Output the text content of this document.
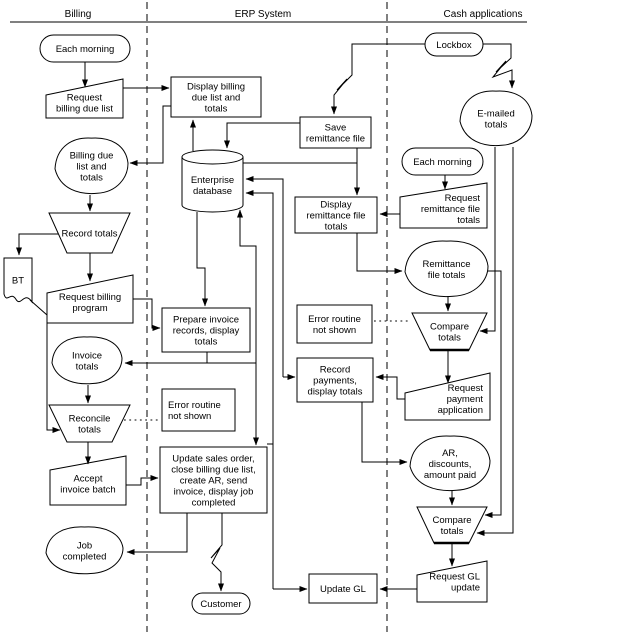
Billing	ERP System	Cash applications
Each morning
Request
billing due list
Billing due
list and
totals
Record totals
BT
Request billing
program
Invoice
totals
Reconcile
totals
Accept
invoice batch
Job
completed
Display billing
due list and
totals
Save
remittance file
Enterprise
database
Display
remittance file
totals
Prepare invoice
records, display
totals
Error routine
not shown
Error routine
not shown
Record
payments,
display totals
Update sales order,
close billing due list,
create AR, send
invoice, display job
completed
Update GL
Customer
Lockbox
E-mailed
totals
Each morning
Request
remittance file
totals
Remittance
file totals
Compare
totals
Request
payment
application
AR,
discounts,
amount paid
Compare
totals
Request GL
update
